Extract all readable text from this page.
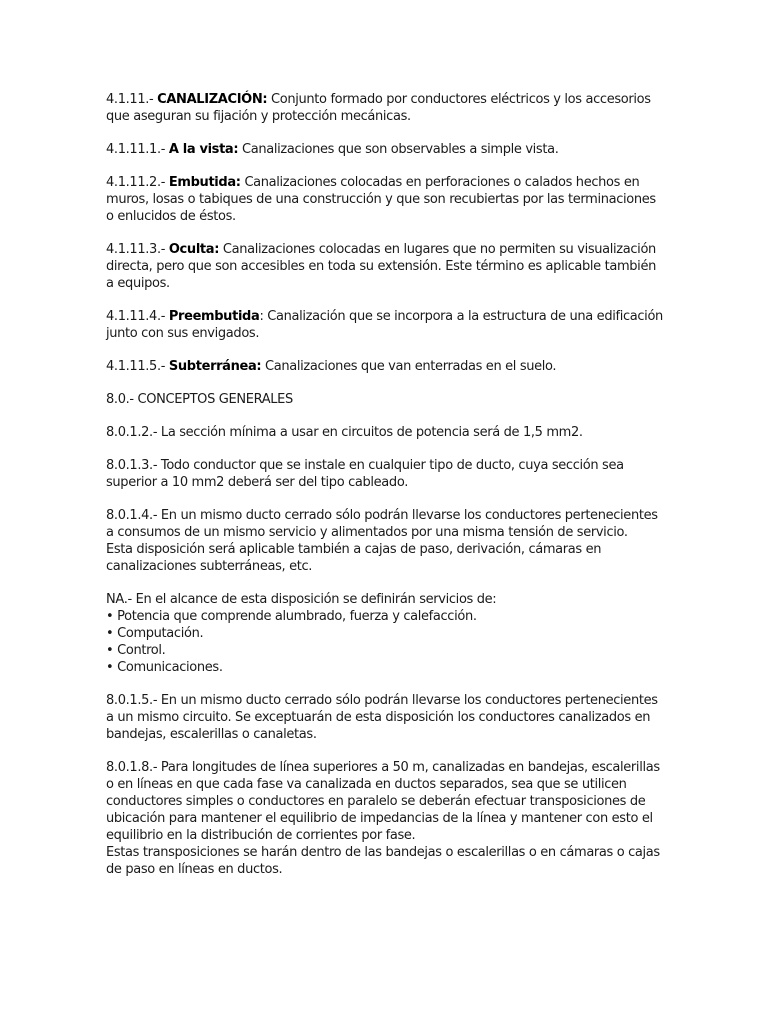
4.1.11.- CANALIZACIÓN: Conjunto formado por conductores eléctricos y los accesorios que aseguran su fijación y protección mecánicas.
4.1.11.1.- A la vista: Canalizaciones que son observables a simple vista.
4.1.11.2.- Embutida: Canalizaciones colocadas en perforaciones o calados hechos en muros, losas o tabiques de una construcción y que son recubiertas por las terminaciones o enlucidos de éstos.
4.1.11.3.- Oculta: Canalizaciones colocadas en lugares que no permiten su visualización directa, pero que son accesibles en toda su extensión. Este término es aplicable también a equipos.
4.1.11.4.- Preembutida: Canalización que se incorpora a la estructura de una edificación junto con sus envigados.
4.1.11.5.- Subterránea: Canalizaciones que van enterradas en el suelo.
8.0.- CONCEPTOS GENERALES
8.0.1.2.- La sección mínima a usar en circuitos de potencia será de 1,5 mm2.
8.0.1.3.- Todo conductor que se instale en cualquier tipo de ducto, cuya sección sea superior a 10 mm2 deberá ser del tipo cableado.

8.0.1.4.- En un mismo ducto cerrado sólo podrán llevarse los conductores pertenecientes a consumos de un mismo servicio y alimentados por una misma tensión de servicio.

Esta disposición será aplicable también a cajas de paso, derivación, cámaras en canalizaciones subterráneas, etc.

NA.- En el alcance de esta disposición se definirán servicios de:

• Potencia que comprende alumbrado, fuerza y calefacción.
• Computación.
• Control.
• Comunicaciones.
8.0.1.5.- En un mismo ducto cerrado sólo podrán llevarse los conductores pertenecientes a un mismo circuito. Se exceptuarán de esta disposición los conductores canalizados en bandejas, escalerillas o canaletas.

8.0.1.8.- Para longitudes de línea superiores a 50 m, canalizadas en bandejas, escalerillas o en líneas en que cada fase va canalizada en ductos separados, sea que se utilicen conductores simples o conductores en paralelo se deberán efectuar transposiciones de ubicación para mantener el equilibrio de impedancias de la línea y mantener con esto el equilibrio en la distribución de corrientes por fase.

Estas transposiciones se harán dentro de las bandejas o escalerillas o en cámaras o cajas de paso en líneas en ductos.
